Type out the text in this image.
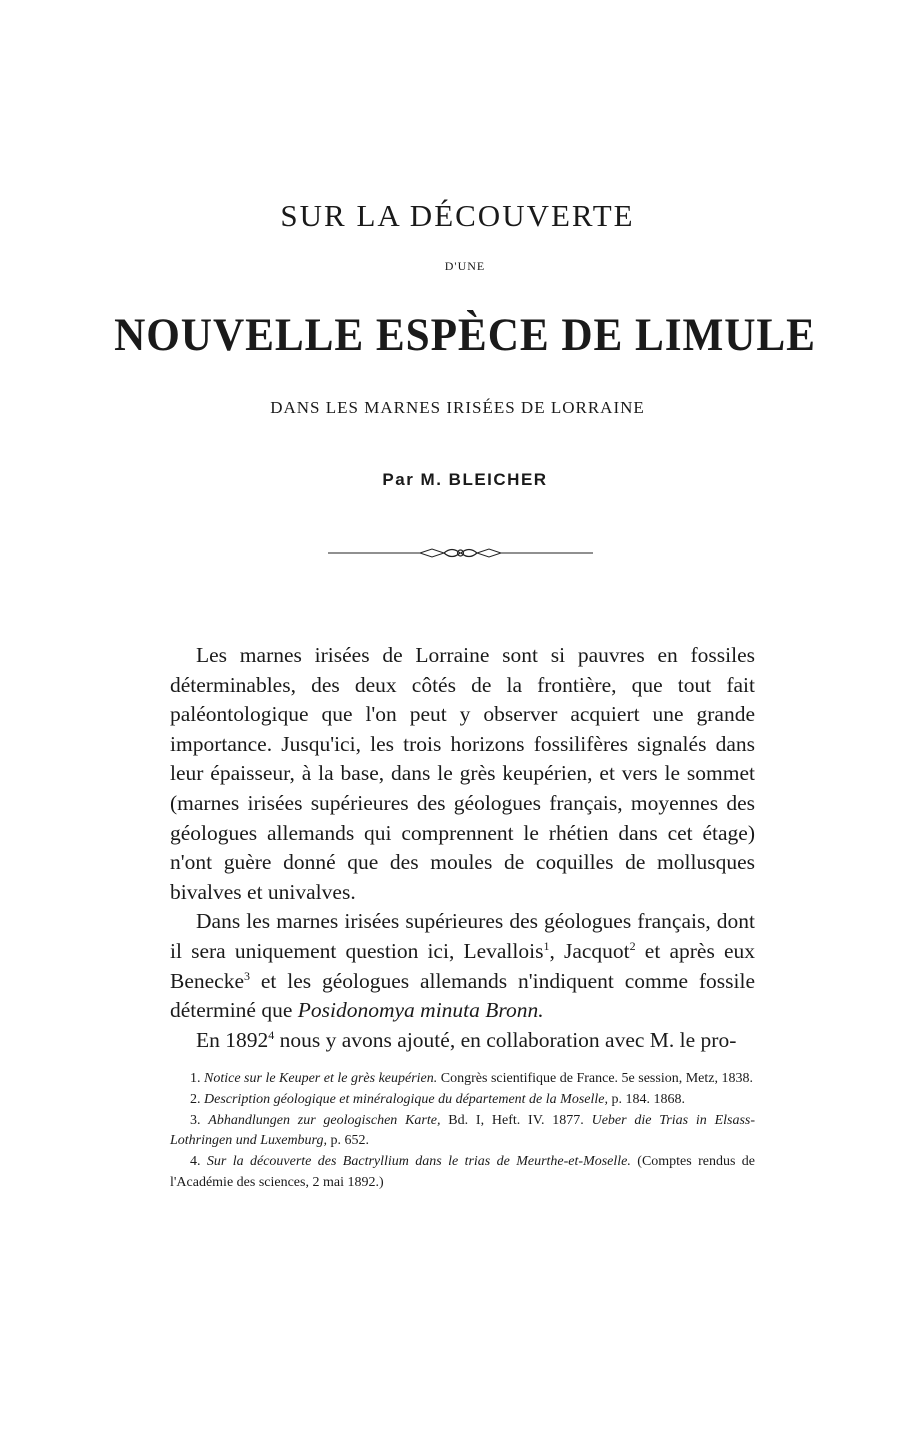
SUR LA DÉCOUVERTE
D'UNE
NOUVELLE ESPÈCE DE LIMULE
DANS LES MARNES IRISÉES DE LORRAINE
Par M. BLEICHER

Les marnes irisées de Lorraine sont si pauvres en fossiles déterminables, des deux côtés de la frontière, que tout fait paléontologique que l'on peut y observer acquiert une grande importance. Jusqu'ici, les trois horizons fossilifères signalés dans leur épaisseur, à la base, dans le grès keupérien, et vers le sommet (marnes irisées supérieures des géologues français, moyennes des géologues allemands qui comprennent le rhétien dans cet étage) n'ont guère donné que des moules de coquilles de mollusques bivalves et univalves.

Dans les marnes irisées supérieures des géologues français, dont il sera uniquement question ici, Levallois$^1$, Jacquot$^2$ et après eux Benecke$^3$ et les géologues allemands n'indiquent comme fossile déterminé que Posidonomya minuta Bronn.

En 1892$^4$ nous y avons ajouté, en collaboration avec M. le pro-

1. Notice sur le Keuper et le grès keupérien. Congrès scientifique de France. 5e session, Metz, 1838.

2. Description géologique et minéralogique du département de la Moselle, p. 184. 1868.

3. Abhandlungen zur geologischen Karte, Bd. I, Heft. IV. 1877. Ueber die Trias in Elsass-Lothringen und Luxemburg, p. 652.

4. Sur la découverte des Bactryllium dans le trias de Meurthe-et-Moselle. (Comptes rendus de l'Académie des sciences, 2 mai 1892.)
